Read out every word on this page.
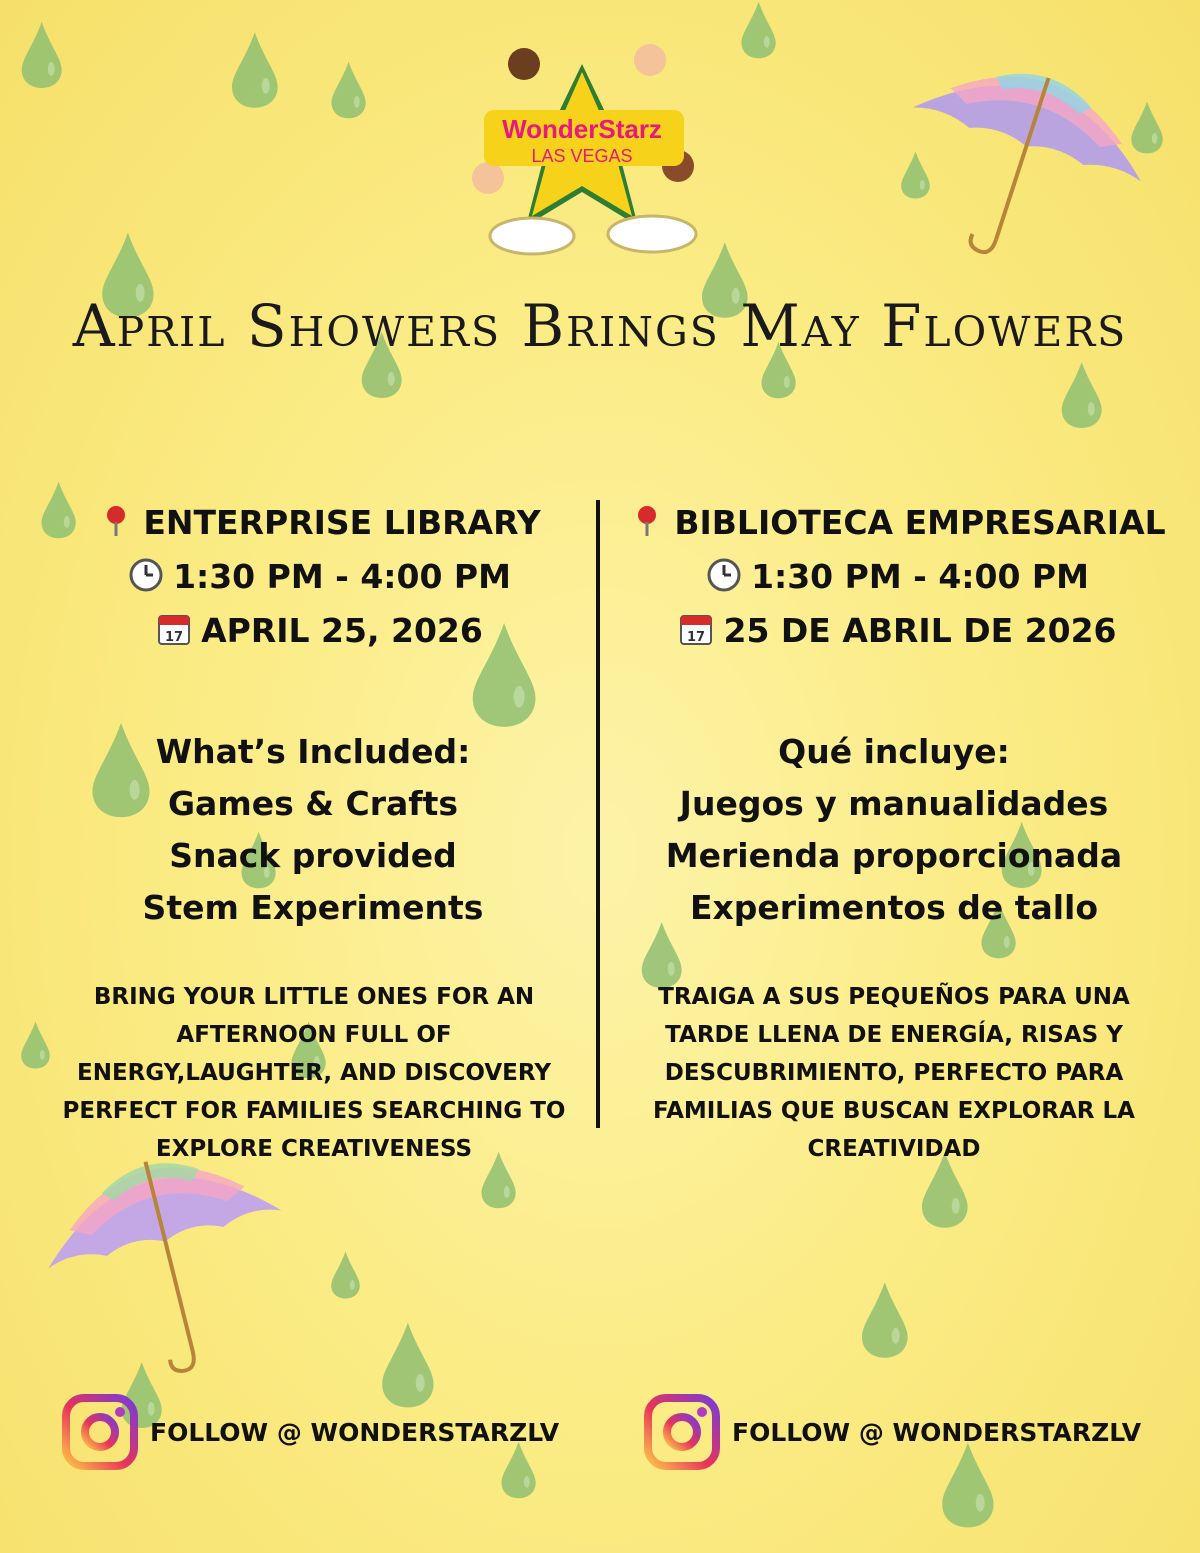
WonderStarz
LAS VEGAS
April Showers Brings May Flowers
ENTERPRISE LIBRARY
1:30 PM - 4:00 PM
17 APRIL 25, 2026
What’s Included:
Games & Crafts
Snack provided
Stem Experiments
BRING YOUR LITTLE ONES FOR AN
AFTERNOON FULL OF
ENERGY,LAUGHTER, AND DISCOVERY
PERFECT FOR FAMILIES SEARCHING TO
EXPLORE CREATIVENESS
BIBLIOTECA EMPRESARIAL
1:30 PM - 4:00 PM
17 25 DE ABRIL DE 2026
Qué incluye:
Juegos y manualidades
Merienda proporcionada
Experimentos de tallo
TRAIGA A SUS PEQUEÑOS PARA UNA
TARDE LLENA DE ENERGÍA, RISAS Y
DESCUBRIMIENTO, PERFECTO PARA
FAMILIAS QUE BUSCAN EXPLORAR LA
CREATIVIDAD
FOLLOW @ WONDERSTARZLV	FOLLOW @ WONDERSTARZLV
